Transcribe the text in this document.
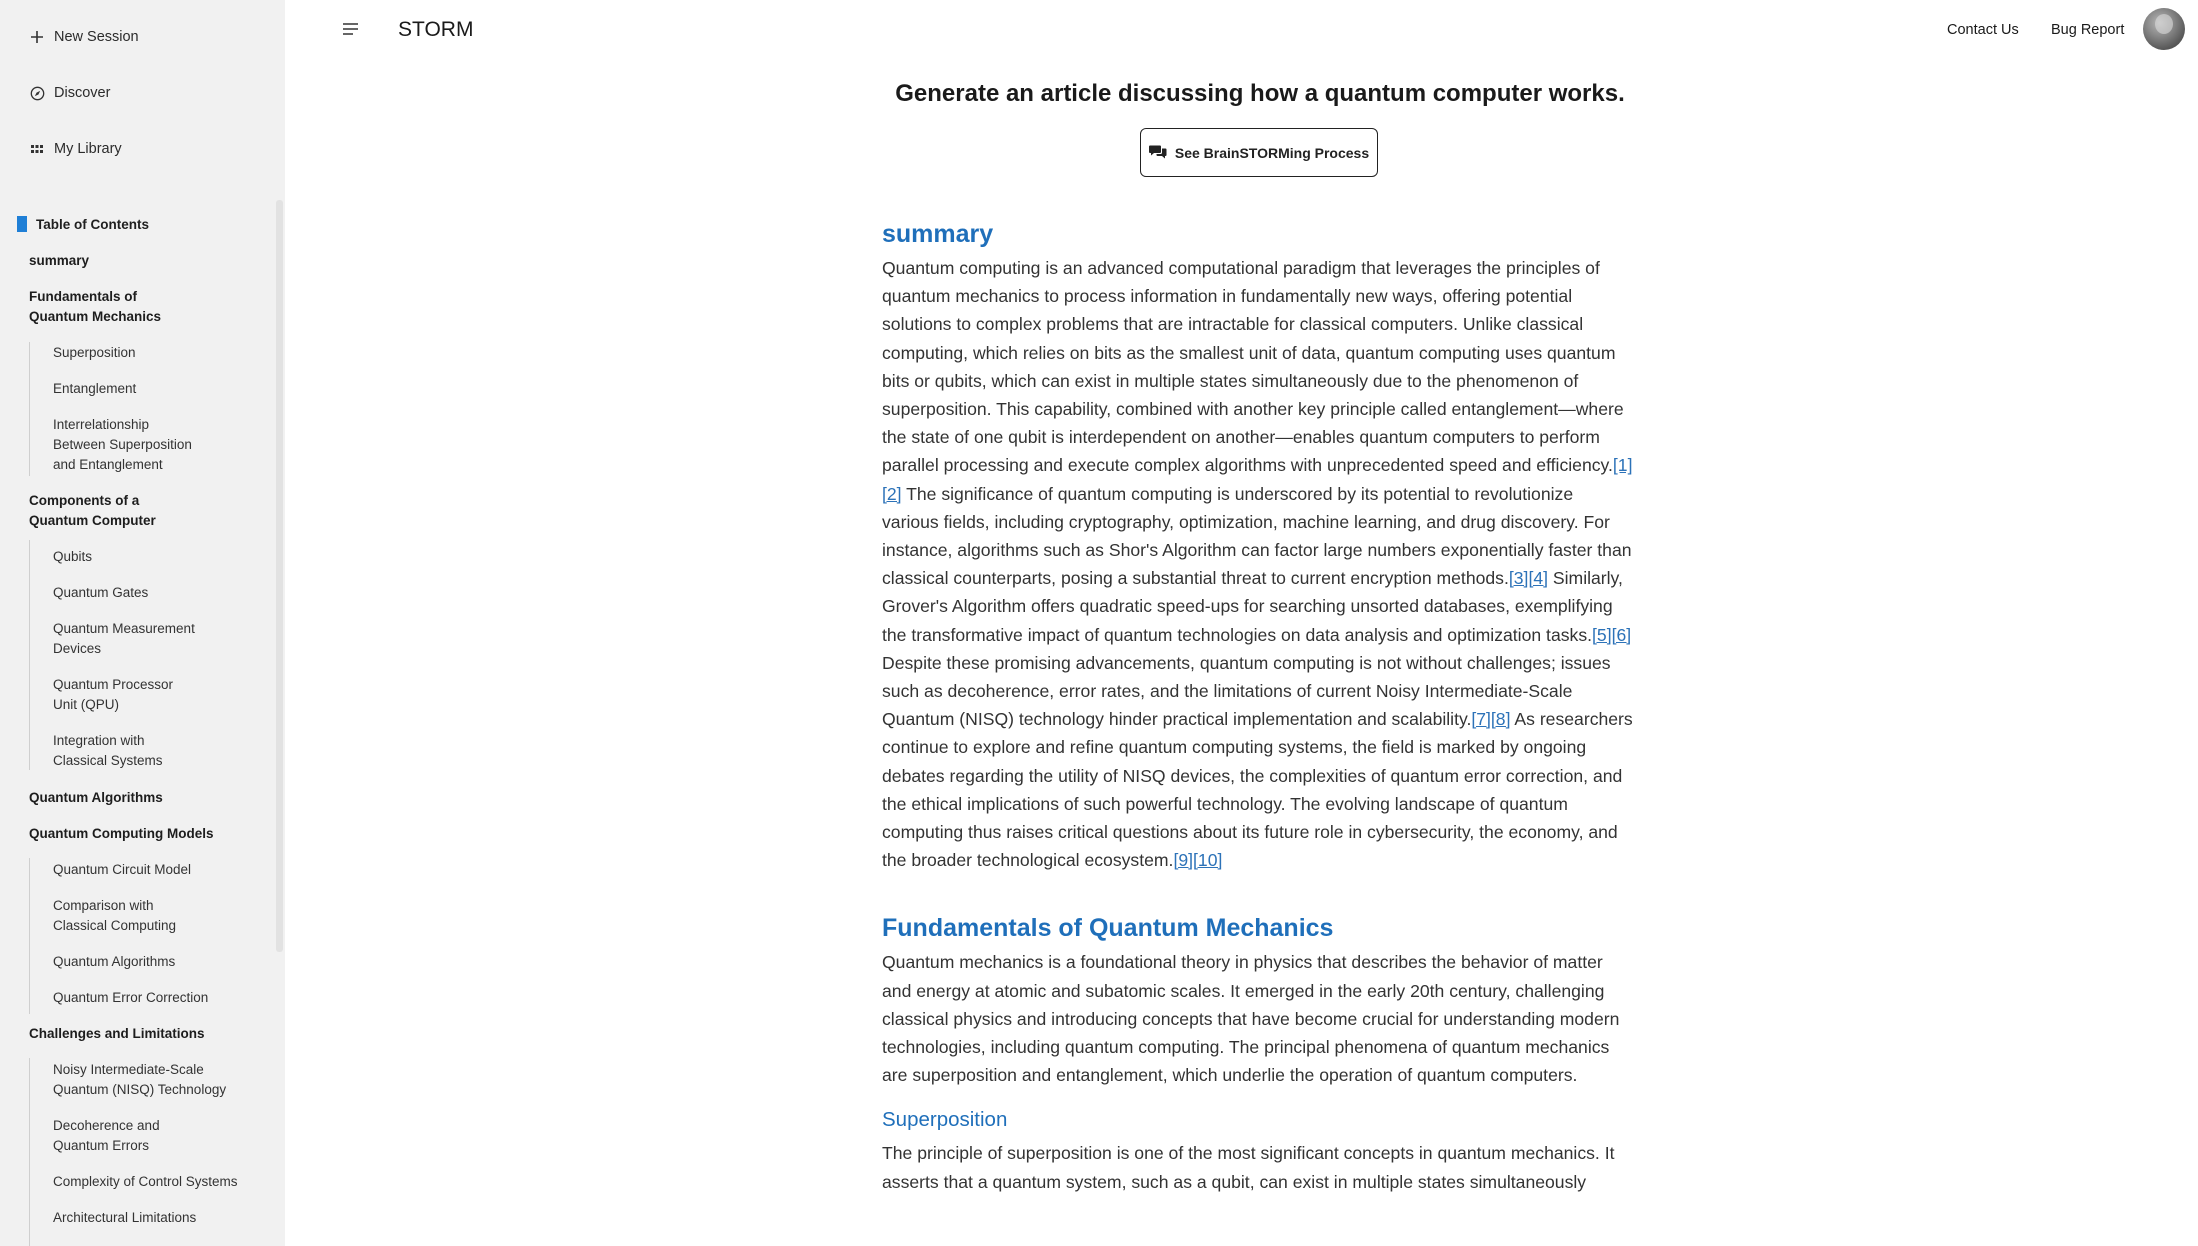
New Session
Discover
My Library
Table of Contents
summary
Fundamentals of Quantum Mechanics
Superposition
Entanglement
Interrelationship Between Superposition and Entanglement
Components of a Quantum Computer
Qubits
Quantum Gates
Quantum Measurement Devices
Quantum Processor Unit (QPU)
Integration with Classical Systems
Quantum Algorithms
Quantum Computing Models
Quantum Circuit Model
Comparison with Classical Computing
Quantum Algorithms
Quantum Error Correction
Challenges and Limitations
Noisy Intermediate-Scale Quantum (NISQ) Technology
Decoherence and Quantum Errors
Complexity of Control Systems
Architectural Limitations
STORM	Contact Us Bug Report
Generate an article discussing how a quantum computer works.
See BrainSTORMing Process
summary

Quantum computing is an advanced computational paradigm that leverages the principles of quantum mechanics to process information in fundamentally new ways, offering potential solutions to complex problems that are intractable for classical computers. Unlike classical computing, which relies on bits as the smallest unit of data, quantum computing uses quantum bits or qubits, which can exist in multiple states simultaneously due to the phenomenon of superposition. This capability, combined with another key principle called entanglement—where the state of one qubit is interdependent on another—enables quantum computers to perform parallel processing and execute complex algorithms with unprecedented speed and efficiency.[1][2] The significance of quantum computing is underscored by its potential to revolutionize various fields, including cryptography, optimization, machine learning, and drug discovery. For instance, algorithms such as Shor's Algorithm can factor large numbers exponentially faster than classical counterparts, posing a substantial threat to current encryption methods.[3][4] Similarly, Grover's Algorithm offers quadratic speed-ups for searching unsorted databases, exemplifying the transformative impact of quantum technologies on data analysis and optimization tasks.[5][6] Despite these promising advancements, quantum computing is not without challenges; issues such as decoherence, error rates, and the limitations of current Noisy Intermediate-Scale Quantum (NISQ) technology hinder practical implementation and scalability.[7][8] As researchers continue to explore and refine quantum computing systems, the field is marked by ongoing debates regarding the utility of NISQ devices, the complexities of quantum error correction, and the ethical implications of such powerful technology. The evolving landscape of quantum computing thus raises critical questions about its future role in cybersecurity, the economy, and the broader technological ecosystem.[9][10]

Fundamentals of Quantum Mechanics

Quantum mechanics is a foundational theory in physics that describes the behavior of matter and energy at atomic and subatomic scales. It emerged in the early 20th century, challenging classical physics and introducing concepts that have become crucial for understanding modern technologies, including quantum computing. The principal phenomena of quantum mechanics are superposition and entanglement, which underlie the operation of quantum computers.

Superposition

The principle of superposition is one of the most significant concepts in quantum mechanics. It asserts that a quantum system, such as a qubit, can exist in multiple states simultaneously
